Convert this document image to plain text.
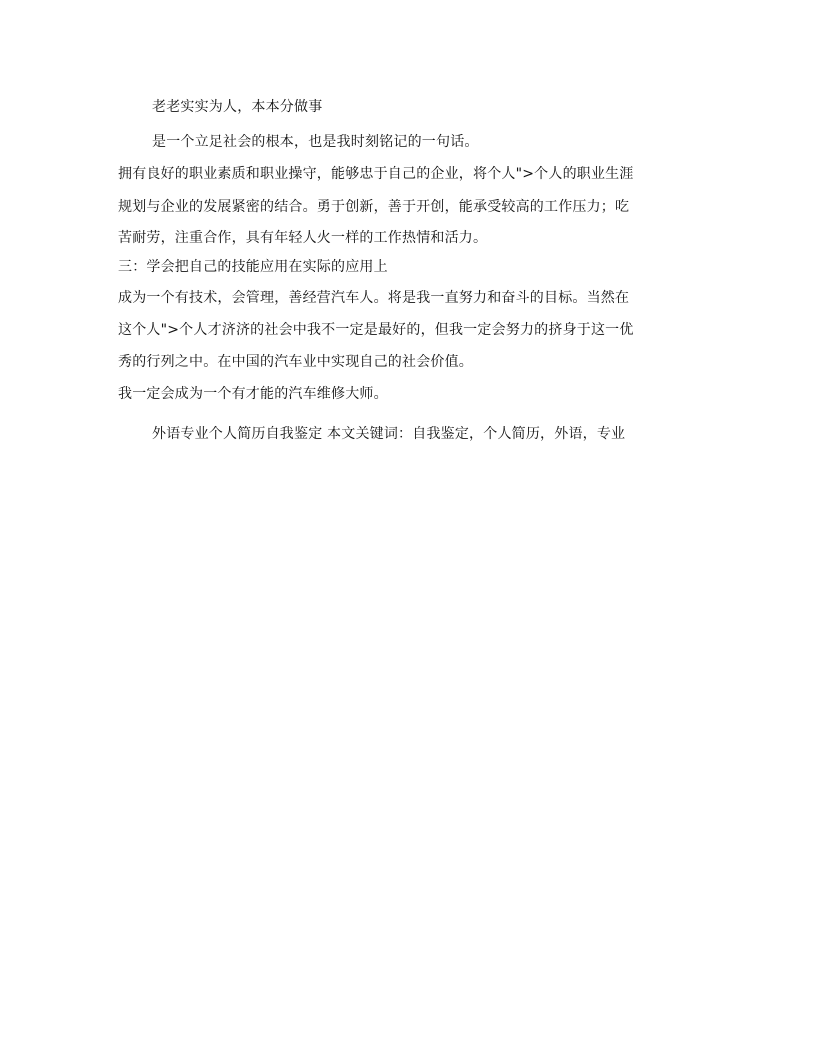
老老实实为人，本本分做事
是一个立足社会的根本，也是我时刻铭记的一句话。
拥有良好的职业素质和职业操守，能够忠于自己的企业，将个人">个人的职业生涯
规划与企业的发展紧密的结合。勇于创新，善于开创，能承受较高的工作压力；吃
苦耐劳，注重合作，具有年轻人火一样的工作热情和活力。
三：学会把自己的技能应用在实际的应用上
成为一个有技术，会管理，善经营汽车人。将是我一直努力和奋斗的目标。当然在
这个人">个人才济济的社会中我不一定是最好的，但我一定会努力的挤身于这一优
秀的行列之中。在中国的汽车业中实现自己的社会价值。
我一定会成为一个有才能的汽车维修大师。
外语专业个人简历自我鉴定 本文关键词：自我鉴定，个人简历，外语，专业
